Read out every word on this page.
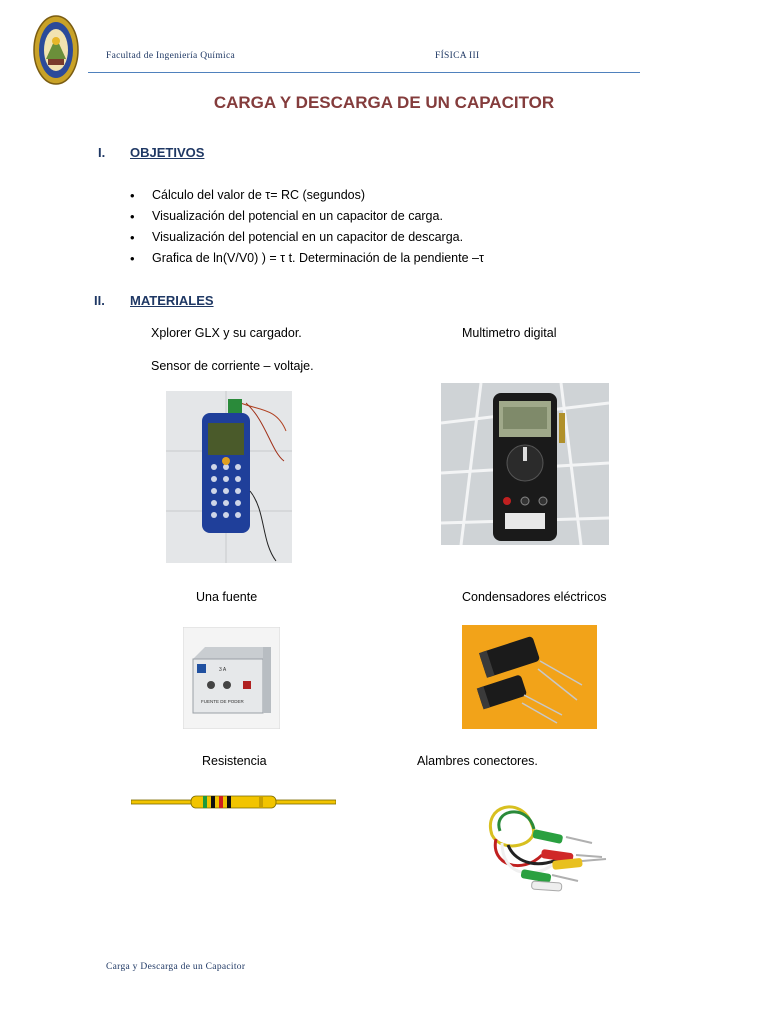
Facultad de Ingeniería Química	FÍSICA III
CARGA Y DESCARGA DE UN CAPACITOR
I. OBJETIVOS
• Cálculo del valor de τ= RC (segundos)
• Visualización del potencial en un capacitor de carga.
• Visualización del potencial en un capacitor de descarga.
• Grafica de ln(V/V0) ) = τ t. Determinación de la pendiente –τ
II. MATERIALES
Xplorer GLX y su cargador.	Multimetro digital
Sensor de corriente – voltaje.
Una fuente	Condensadores eléctricos
3 A
FUENTE DE PODER
Resistencia	Alambres conectores.
Carga y Descarga de un Capacitor
